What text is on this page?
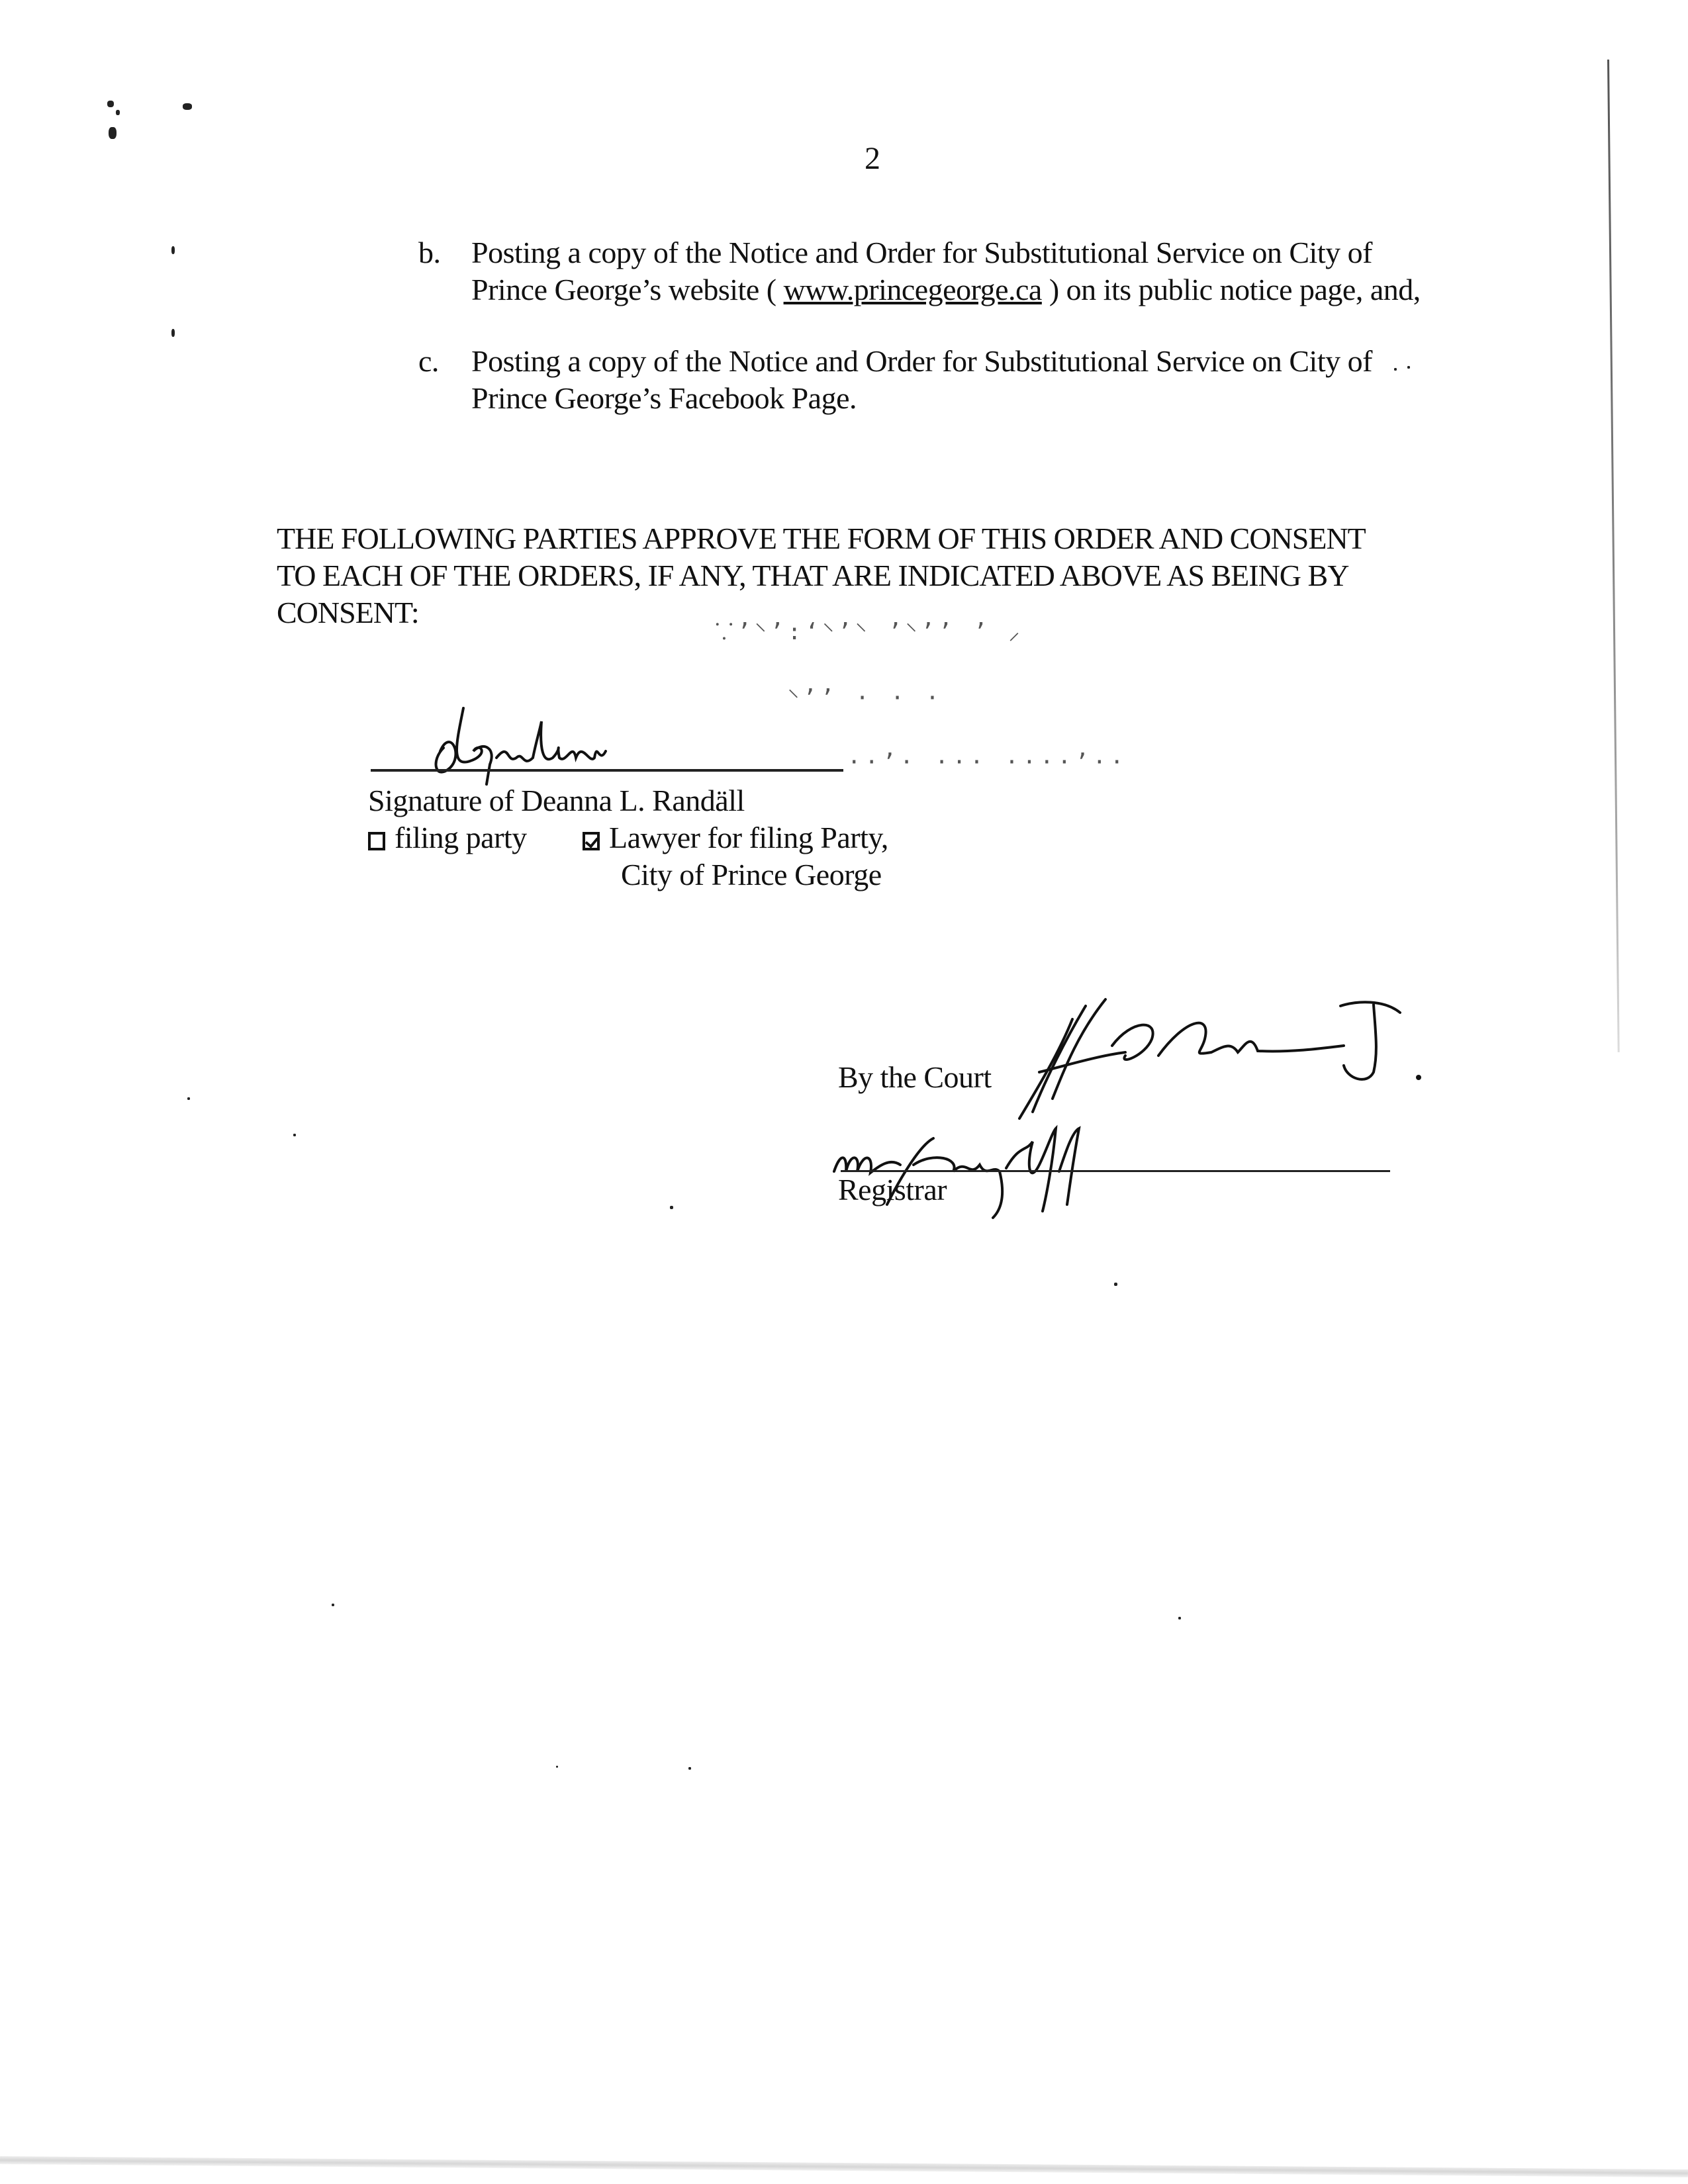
2
b. Posting a copy of the Notice and Order for Substitutional Service on City of
Prince George’s website ( www.princegeorge.ca ) on its public notice page, and,
c. Posting a copy of the Notice and Order for Substitutional Service on City of
Prince George’s Facebook Page.
THE FOLLOWING PARTIES APPROVE THE FORM OF THIS ORDER AND CONSENT
TO EACH OF THE ORDERS, IF ANY, THAT ARE INDICATED ABOVE AS BEING BY
CONSENT:
⸪’⸌’:‘⸌’⸌ ’⸌’’ ’ ⸝
⸌’’ · · ·
··’· ··· ····’··
Signature of Deanna L. Randäll
filing party	Lawyer for filing Party,
City of Prince George
By the Court
Registrar
